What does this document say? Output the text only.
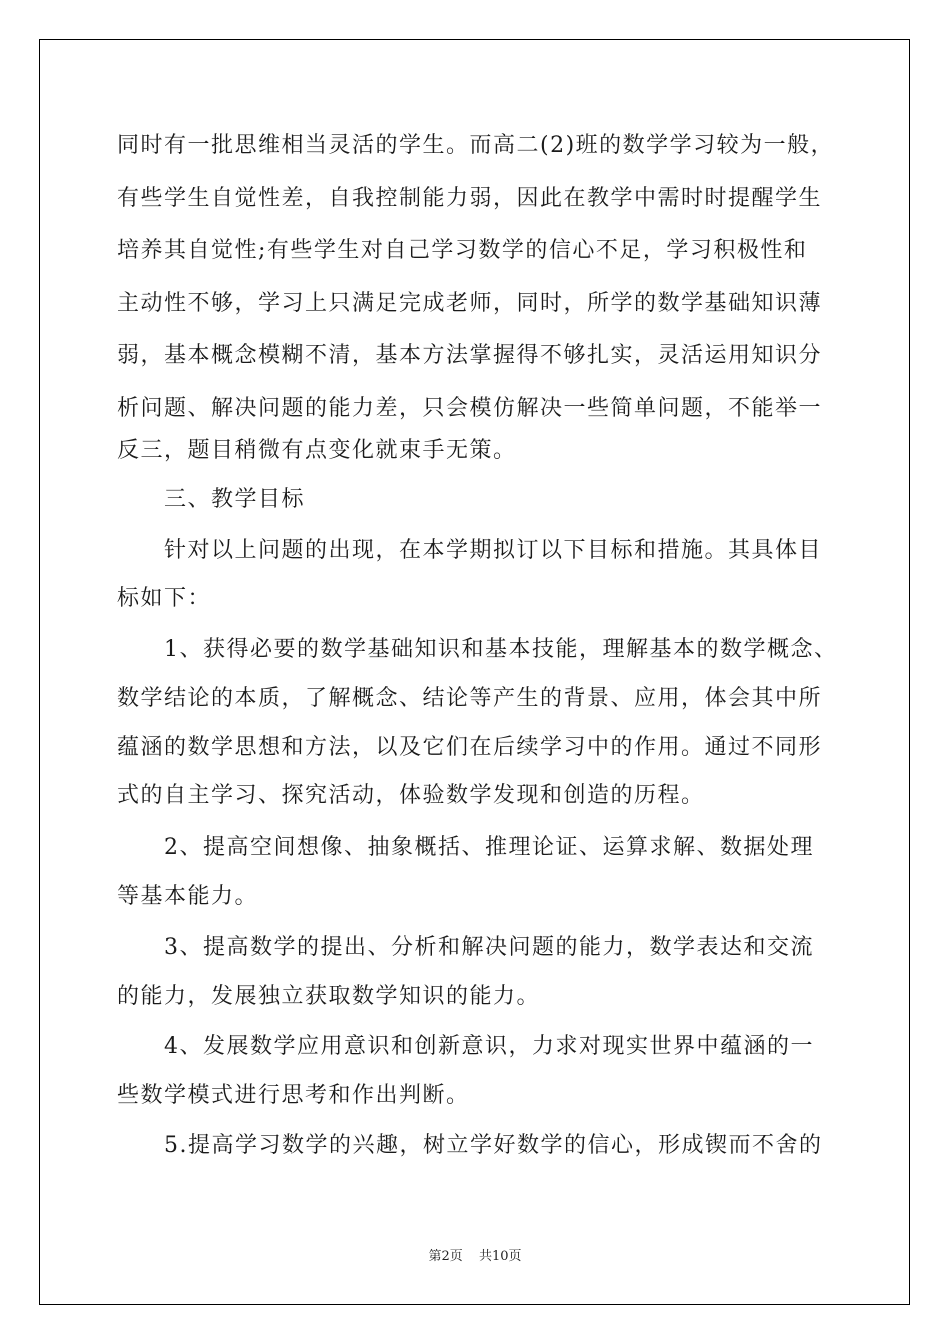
同时有一批思维相当灵活的学生。而高二(2)班的数学学习较为一般，

有些学生自觉性差，自我控制能力弱，因此在教学中需时时提醒学生

培养其自觉性;有些学生对自己学习数学的信心不足，学习积极性和

主动性不够，学习上只满足完成老师，同时，所学的数学基础知识薄

弱，基本概念模糊不清，基本方法掌握得不够扎实，灵活运用知识分

析问题、解决问题的能力差，只会模仿解决一些简单问题，不能举一

反三，题目稍微有点变化就束手无策。

三、教学目标

针对以上问题的出现，在本学期拟订以下目标和措施。其具体目

标如下：

1、获得必要的数学基础知识和基本技能，理解基本的数学概念、

数学结论的本质，了解概念、结论等产生的背景、应用，体会其中所

蕴涵的数学思想和方法，以及它们在后续学习中的作用。通过不同形

式的自主学习、探究活动，体验数学发现和创造的历程。

2、提高空间想像、抽象概括、推理论证、运算求解、数据处理

等基本能力。

3、提高数学的提出、分析和解决问题的能力，数学表达和交流

的能力，发展独立获取数学知识的能力。

4、发展数学应用意识和创新意识，力求对现实世界中蕴涵的一

些数学模式进行思考和作出判断。

5.提高学习数学的兴趣，树立学好数学的信心，形成锲而不舍的

第2页 共10页
